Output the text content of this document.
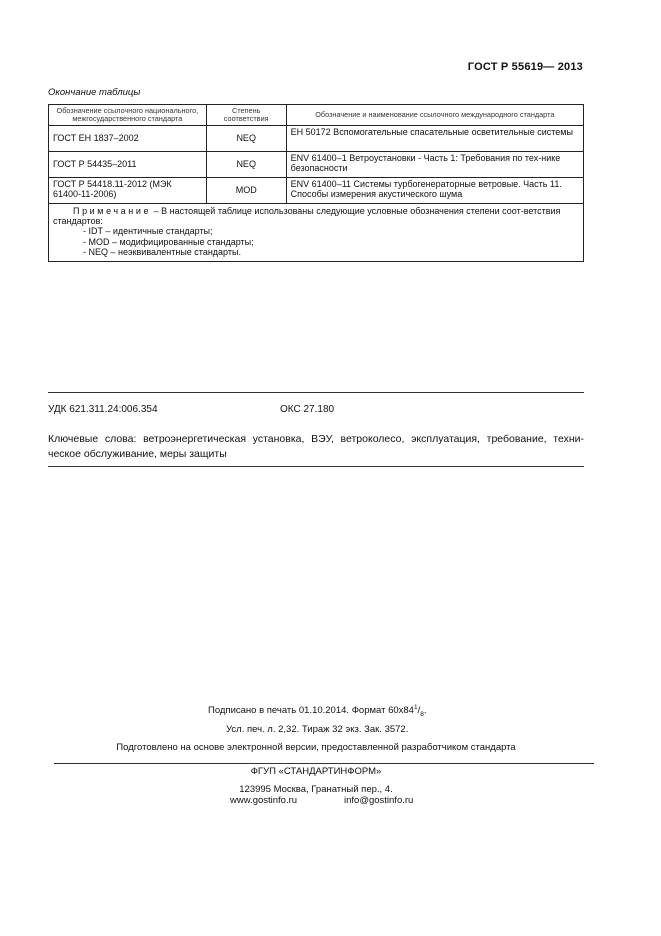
ГОСТ Р 55619— 2013
Окончание таблицы
Обозначение ссылочного национального, межгосударственного стандарта	Степень соответствия	Обозначение и наименование ссылочного международного стандарта
ГОСТ ЕН 1837–2002	NEQ	ЕН 50172 Вспомогательные спасательные осветительные системы
ГОСТ Р 54435–2011	NEQ	ENV 61400–1 Ветроустановки - Часть 1: Требования по тех-нике безопасности
ГОСТ Р 54418.11-2012 (МЭК 61400-11-2006)	MOD	ENV 61400–11 Системы турбогенераторные ветровые. Часть 11. Способы измерения акустического шума

Примечание – В настоящей таблице использованы следующие условные обозначения степени соот-ветствия стандартов:

- IDT – идентичные стандарты;

- MOD – модифицированные стандарты;

- NEQ – неэквивалентные стандарты.		

УДК 621.311.24:006.354	ОКС 27.180
Ключевые слова: ветроэнергетическая установка, ВЭУ, ветроколесо, эксплуатация, требование, техни-ческое обслуживание, меры защиты
Подписано в печать 01.10.2014. Формат $60x84^1/_8$.
Усл. печ. л. 2,32. Тираж 32 экз. Зак. 3572.
Подготовлено на основе электронной версии, предоставленной разработчиком стандарта
ФГУП «СТАНДАРТИНФОРМ»
123995 Москва, Гранатный пер., 4.
www.gostinfo.ru	info@gostinfo.ru
